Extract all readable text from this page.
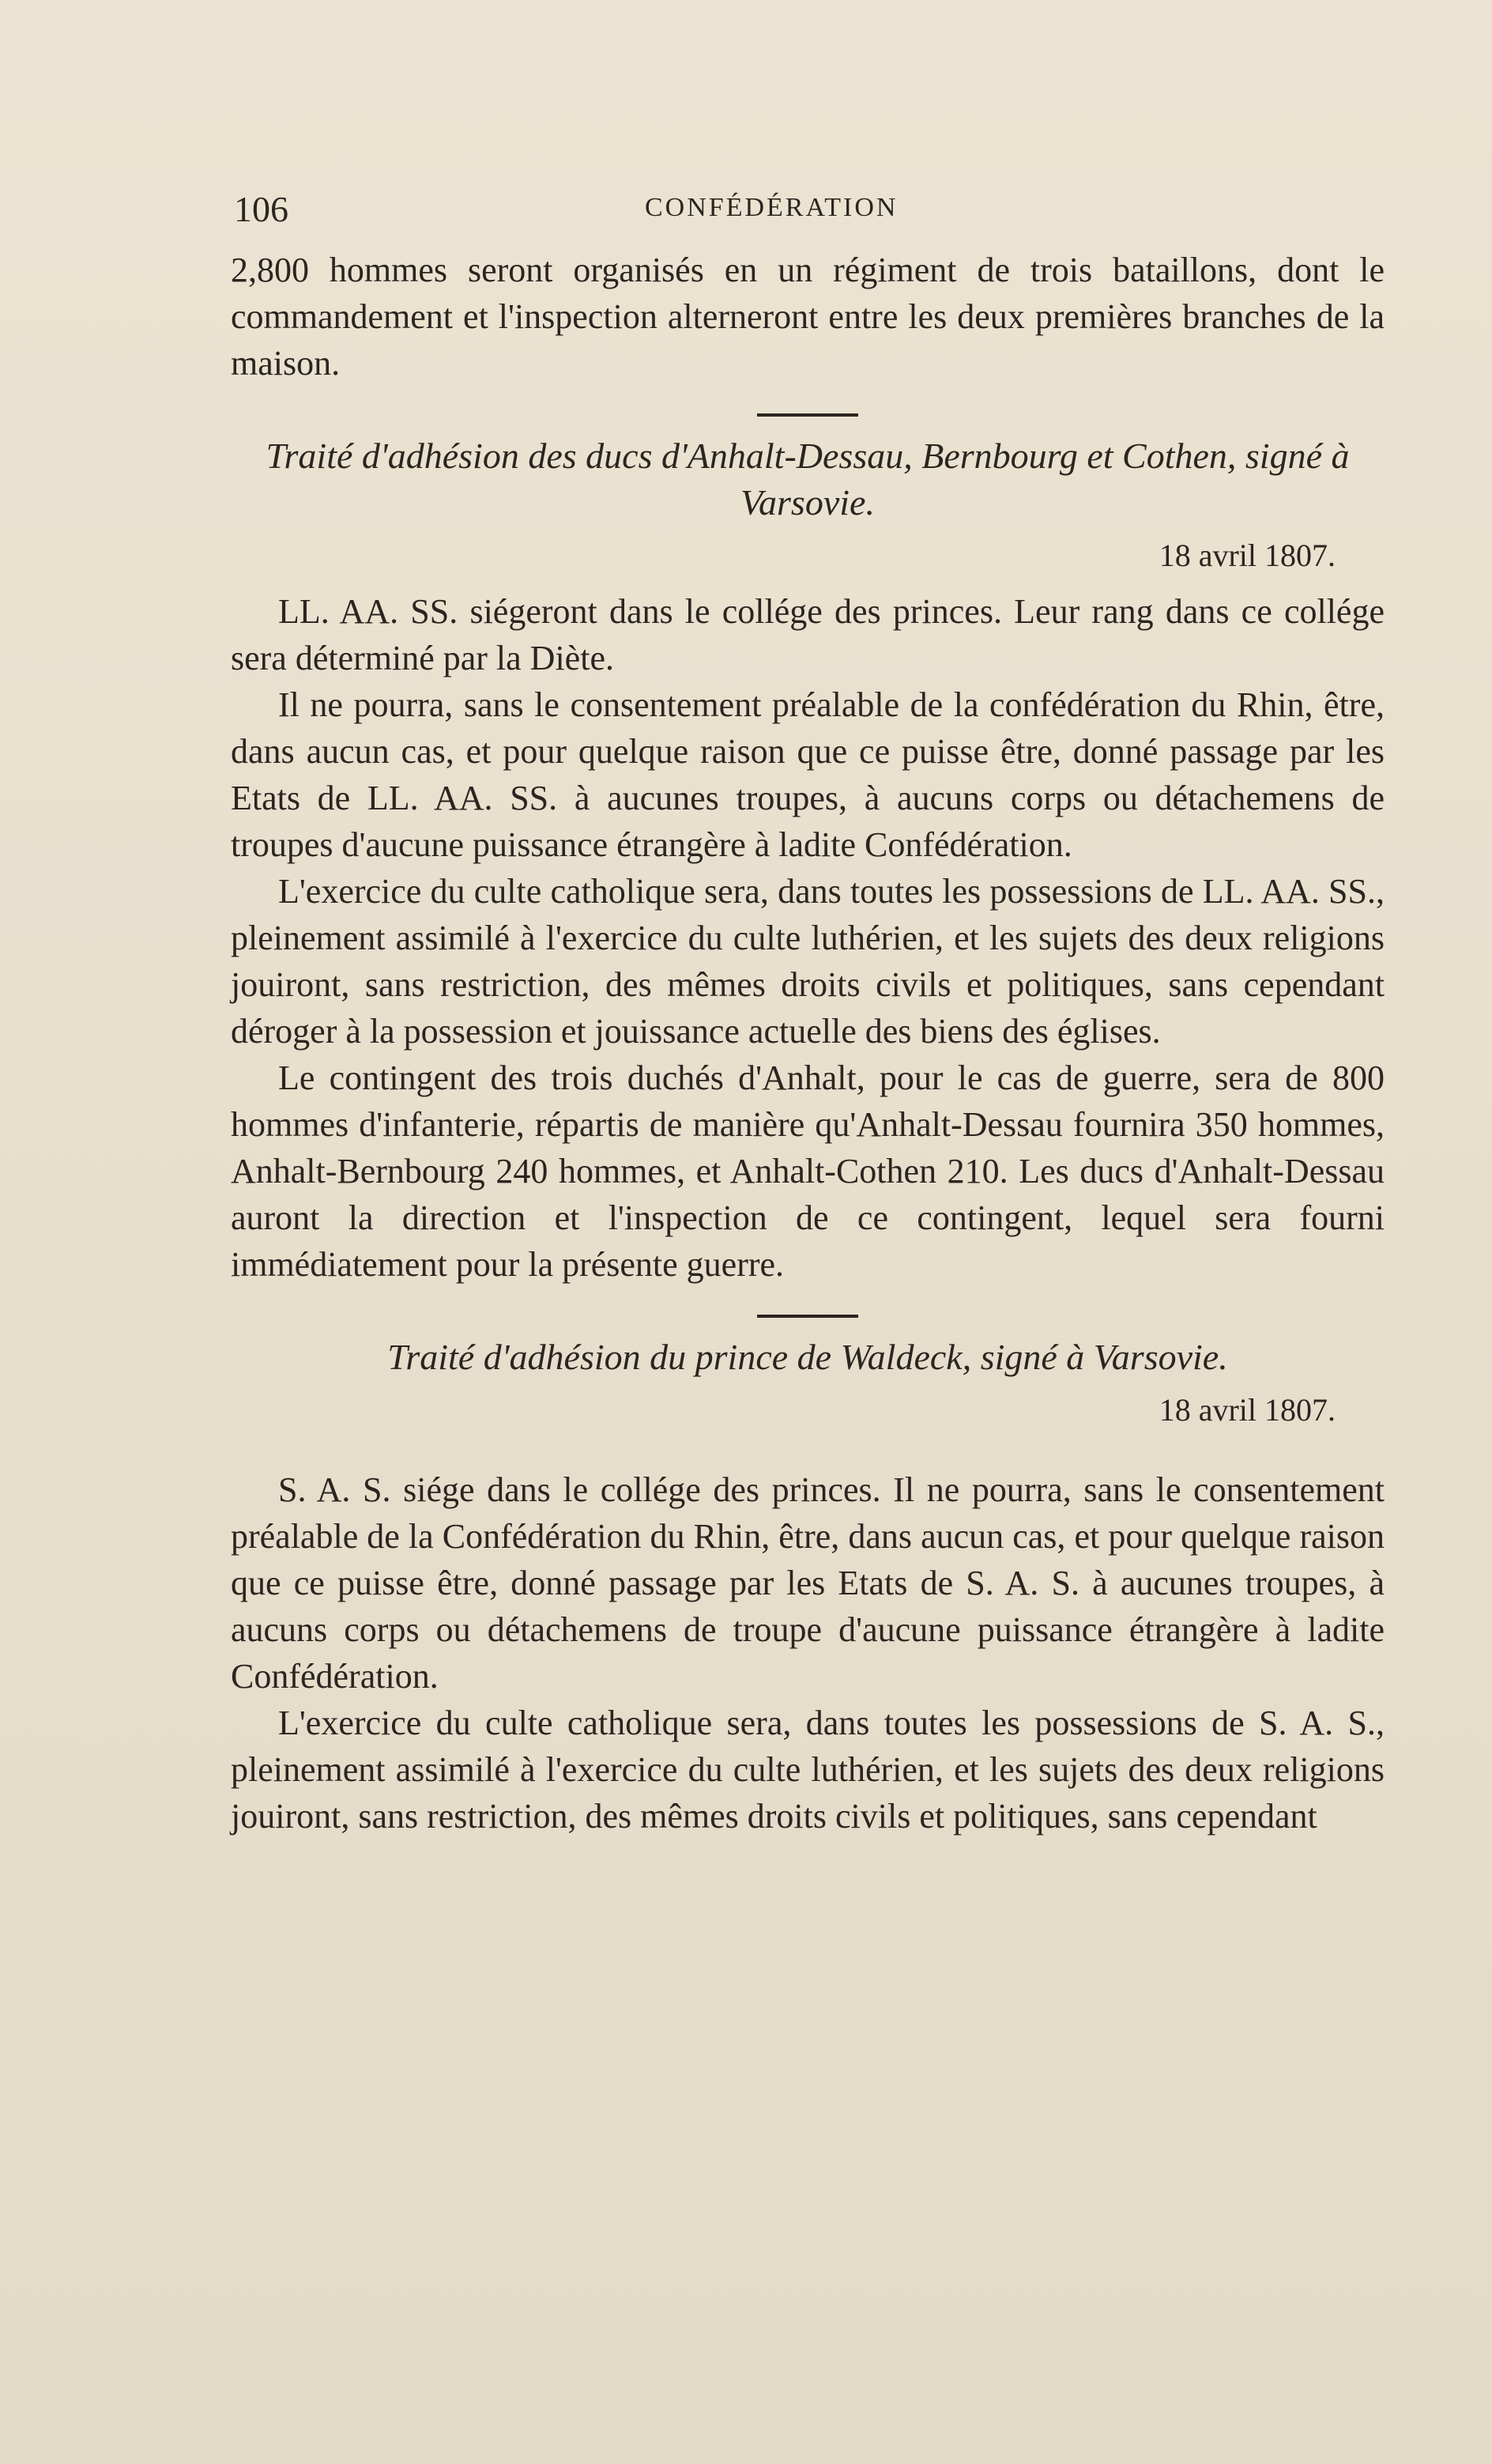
106	CONFÉDÉRATION

2,800 hommes seront organisés en un régiment de trois bataillons, dont le commandement et l'inspection alterneront entre les deux premières branches de la maison.

Traité d'adhésion des ducs d'Anhalt-Dessau, Bernbourg et Cothen, signé à Varsovie.

18 avril 1807.

LL. AA. SS. siégeront dans le collége des princes. Leur rang dans ce collége sera déterminé par la Diète.

Il ne pourra, sans le consentement préalable de la confédération du Rhin, être, dans aucun cas, et pour quelque raison que ce puisse être, donné passage par les Etats de LL. AA. SS. à aucunes troupes, à aucuns corps ou détachemens de troupes d'aucune puissance étrangère à ladite Confédération.

L'exercice du culte catholique sera, dans toutes les possessions de LL. AA. SS., pleinement assimilé à l'exercice du culte luthérien, et les sujets des deux religions jouiront, sans restriction, des mêmes droits civils et politiques, sans cependant déroger à la possession et jouissance actuelle des biens des églises.

Le contingent des trois duchés d'Anhalt, pour le cas de guerre, sera de 800 hommes d'infanterie, répartis de manière qu'Anhalt-Dessau fournira 350 hommes, Anhalt-Bernbourg 240 hommes, et Anhalt-Cothen 210. Les ducs d'Anhalt-Dessau auront la direction et l'inspection de ce contingent, lequel sera fourni immédiatement pour la présente guerre.

Traité d'adhésion du prince de Waldeck, signé à Varsovie.

18 avril 1807.

S. A. S. siége dans le collége des princes. Il ne pourra, sans le consentement préalable de la Confédération du Rhin, être, dans aucun cas, et pour quelque raison que ce puisse être, donné passage par les Etats de S. A. S. à aucunes troupes, à aucuns corps ou détachemens de troupe d'aucune puissance étrangère à ladite Confédération.

L'exercice du culte catholique sera, dans toutes les possessions de S. A. S., pleinement assimilé à l'exercice du culte luthérien, et les sujets des deux religions jouiront, sans restriction, des mêmes droits civils et politiques, sans cependant
